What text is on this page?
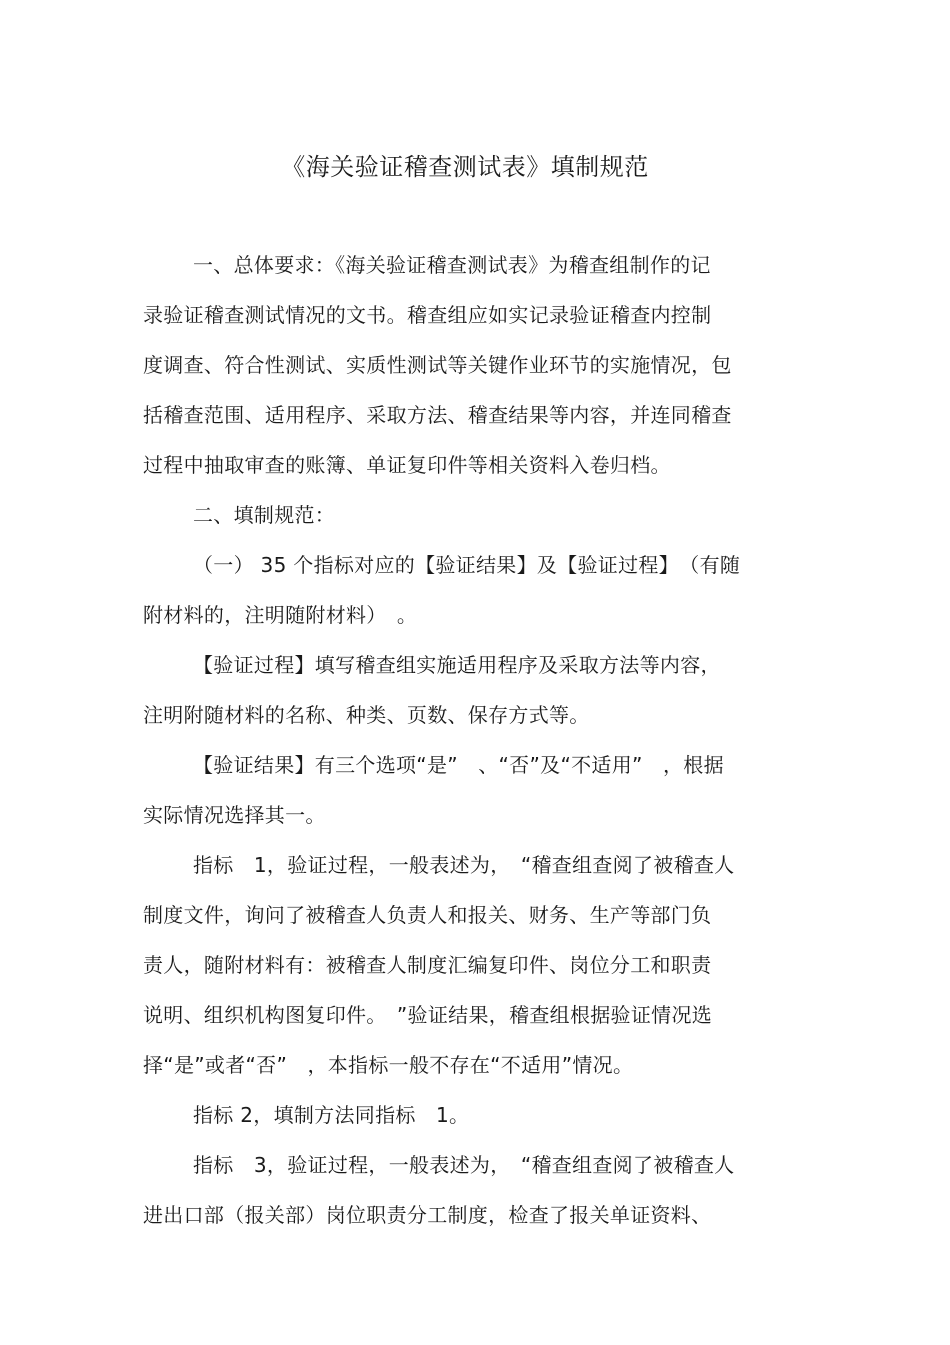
《海关验证稽查测试表》填制规范
一、总体要求：《海关验证稽查测试表》为稽查组制作的记
录验证稽查测试情况的文书。稽查组应如实记录验证稽查内控制
度调查、符合性测试、实质性测试等关键作业环节的实施情况，包
括稽查范围、适用程序、采取方法、稽查结果等内容，并连同稽查
过程中抽取审查的账簿、单证复印件等相关资料入卷归档。
二、填制规范：
（一） 35 个指标对应的【验证结果】及【验证过程】　（有随
附材料的，注明随附材料）　。
【验证过程】填写稽查组实施适用程序及采取方法等内容，
注明附随材料的名称、种类、页数、保存方式等。
【验证结果】有三个选项“是”　、“否”及“不适用”　，根据
实际情况选择其一。
指标　1，验证过程，一般表述为，　“稽查组查阅了被稽查人
制度文件，询问了被稽查人负责人和报关、财务、生产等部门负
责人，随附材料有：被稽查人制度汇编复印件、岗位分工和职责
说明、组织机构图复印件。　”验证结果，稽查组根据验证情况选
择“是”或者“否”　，本指标一般不存在“不适用”情况。
指标 2，填制方法同指标　1。
指标　3，验证过程，一般表述为，　“稽查组查阅了被稽查人
进出口部（报关部）岗位职责分工制度，检查了报关单证资料、
